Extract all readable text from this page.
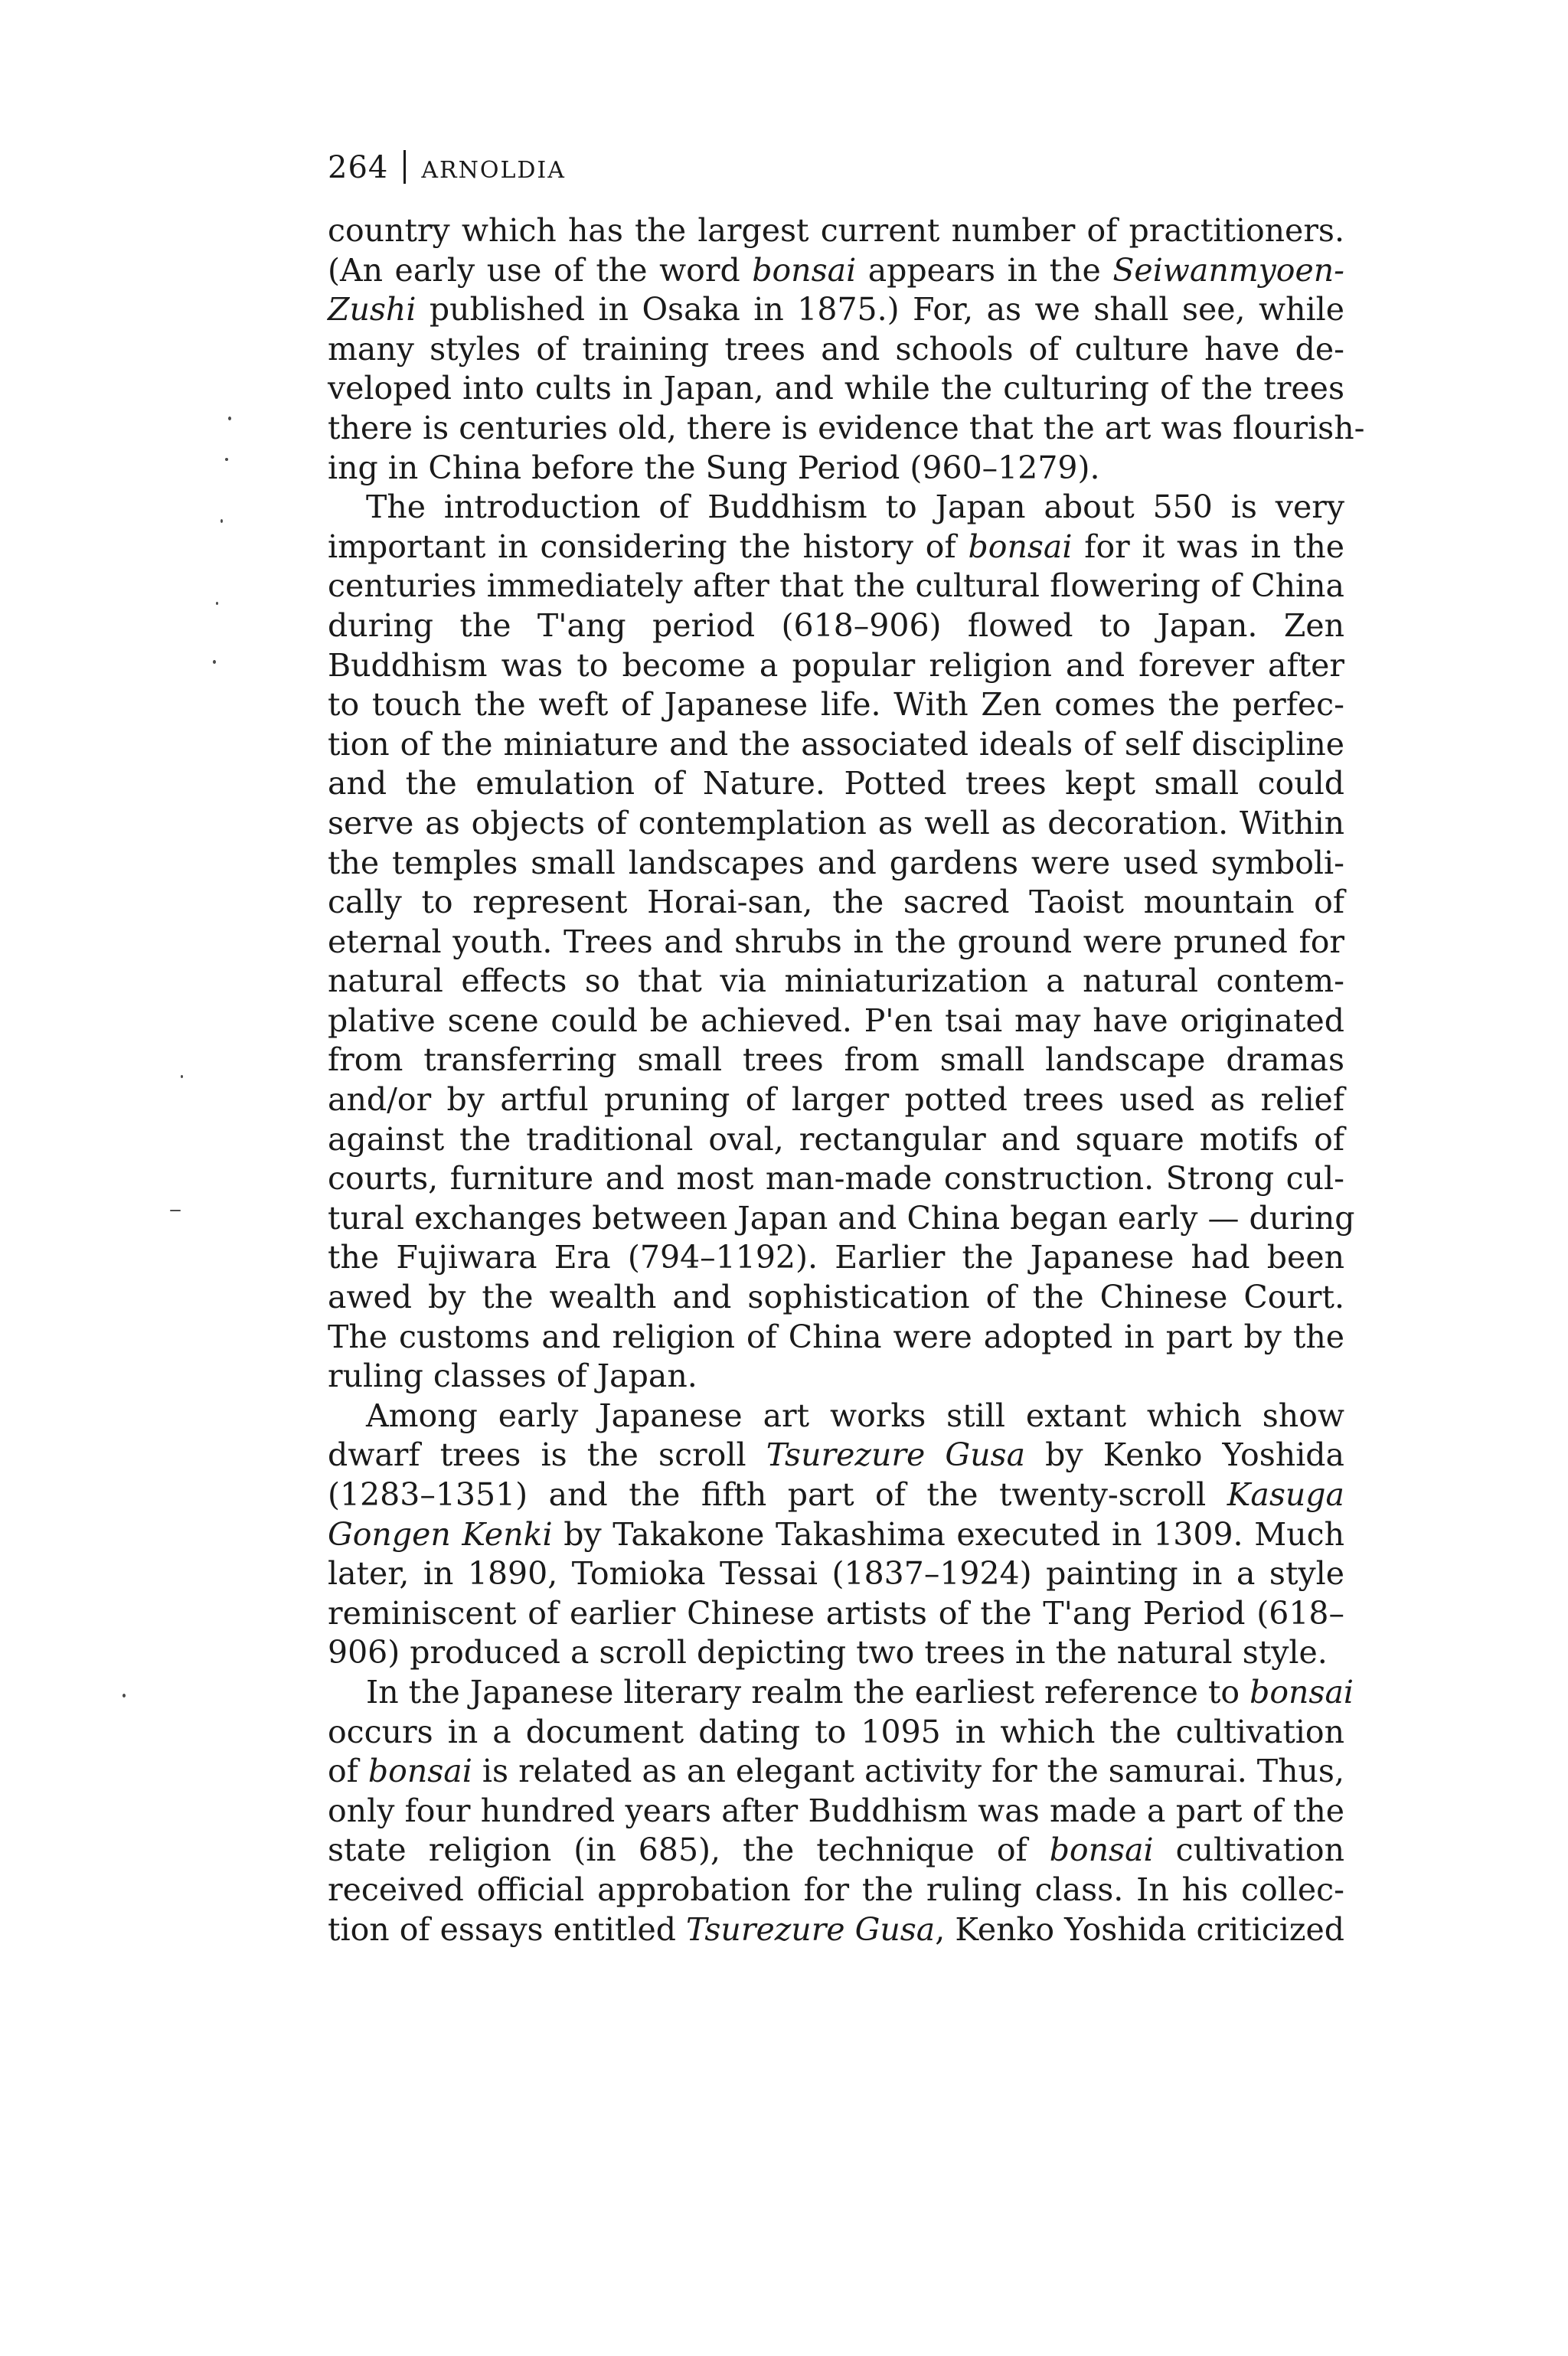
264 ARNOLDIA
country which has the largest current number of practitioners.
(An early use of the word bonsai appears in the Seiwanmyoen-
Zushi published in Osaka in 1875.) For, as we shall see, while
many styles of training trees and schools of culture have de-
veloped into cults in Japan, and while the culturing of the trees
there is centuries old, there is evidence that the art was flourish-
ing in China before the Sung Period (960–1279).
The introduction of Buddhism to Japan about 550 is very
important in considering the history of bonsai for it was in the
centuries immediately after that the cultural flowering of China
during the T'ang period (618–906) flowed to Japan. Zen
Buddhism was to become a popular religion and forever after
to touch the weft of Japanese life. With Zen comes the perfec-
tion of the miniature and the associated ideals of self discipline
and the emulation of Nature. Potted trees kept small could
serve as objects of contemplation as well as decoration. Within
the temples small landscapes and gardens were used symboli-
cally to represent Horai-san, the sacred Taoist mountain of
eternal youth. Trees and shrubs in the ground were pruned for
natural effects so that via miniaturization a natural contem-
plative scene could be achieved. P'en tsai may have originated
from transferring small trees from small landscape dramas
and/or by artful pruning of larger potted trees used as relief
against the traditional oval, rectangular and square motifs of
courts, furniture and most man-made construction. Strong cul-
tural exchanges between Japan and China began early — during
the Fujiwara Era (794–1192). Earlier the Japanese had been
awed by the wealth and sophistication of the Chinese Court.
The customs and religion of China were adopted in part by the
ruling classes of Japan.
Among early Japanese art works still extant which show
dwarf trees is the scroll Tsurezure Gusa by Kenko Yoshida
(1283–1351) and the fifth part of the twenty-scroll Kasuga
Gongen Kenki by Takakone Takashima executed in 1309. Much
later, in 1890, Tomioka Tessai (1837–1924) painting in a style
reminiscent of earlier Chinese artists of the T'ang Period (618–
906) produced a scroll depicting two trees in the natural style.
In the Japanese literary realm the earliest reference to bonsai
occurs in a document dating to 1095 in which the cultivation
of bonsai is related as an elegant activity for the samurai. Thus,
only four hundred years after Buddhism was made a part of the
state religion (in 685), the technique of bonsai cultivation
received official approbation for the ruling class. In his collec-
tion of essays entitled Tsurezure Gusa, Kenko Yoshida criticized
